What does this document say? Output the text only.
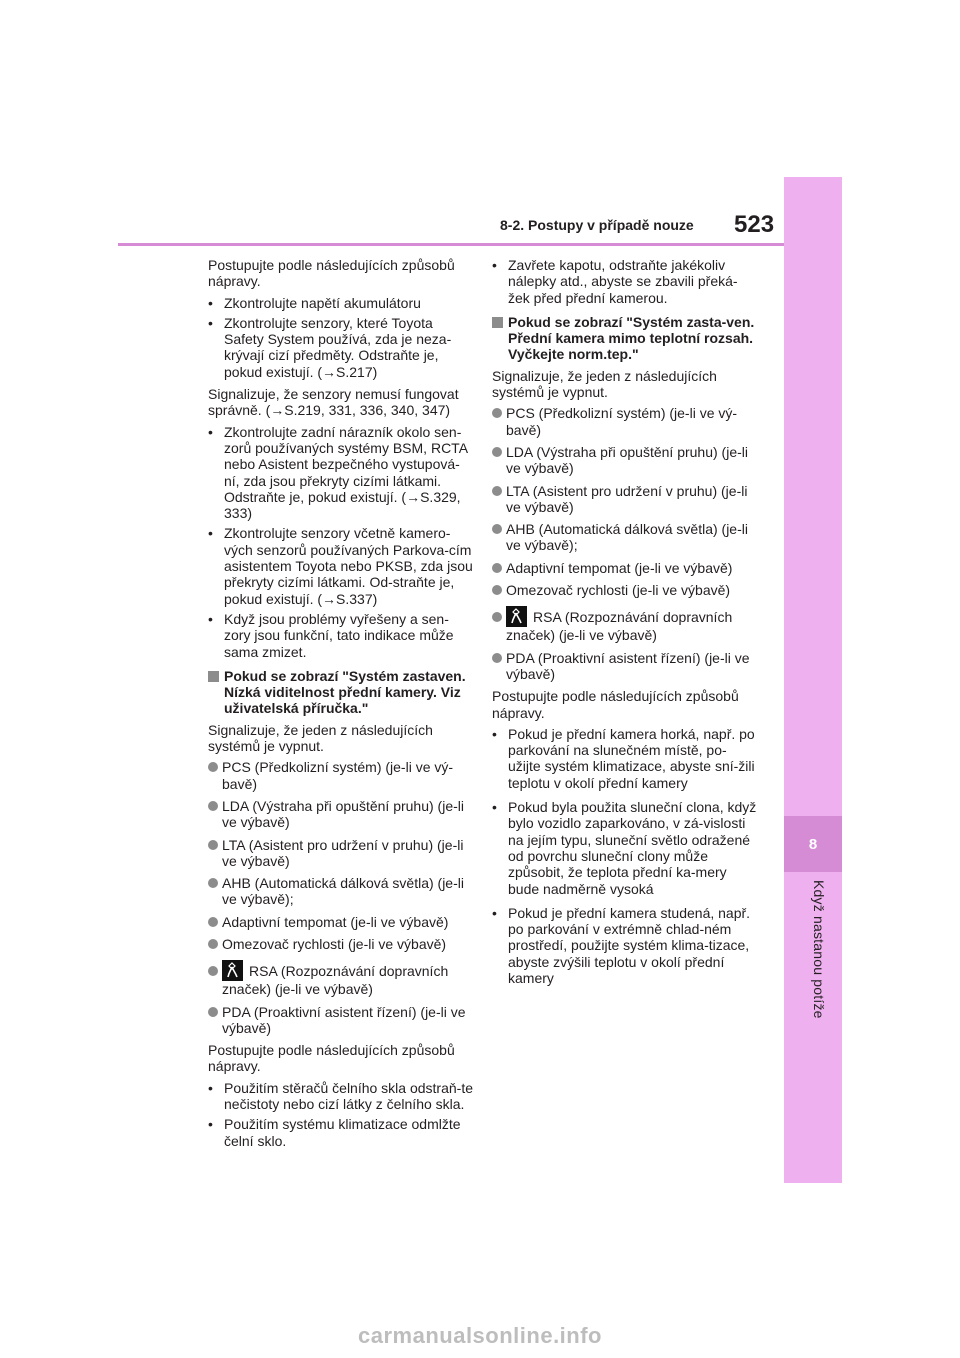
8
Když nastanou potíže
8-2. Postupy v případě nouze 523

Postupujte podle následujících způsobů nápravy.

• Zkontrolujte napětí akumulátoru
• Zkontrolujte senzory, které Toyota Safety System používá, zda je neza-krývají cizí předměty. Odstraňte je, pokud existují. (→S.217)

Signalizuje, že senzory nemusí fungovat správně. (→S.219, 331, 336, 340, 347)

• Zkontrolujte zadní nárazník okolo sen-zorů používaných systémy BSM, RCTA nebo Asistent bezpečného vystupová-ní, zda jsou překryty cizími látkami. Odstraňte je, pokud existují. (→S.329, 333)
• Zkontrolujte senzory včetně kamero-vých senzorů používaných Parkova-cím asistentem Toyota nebo PKSB, zda jsou překryty cizími látkami. Od-straňte je, pokud existují. (→S.337)
• Když jsou problémy vyřešeny a sen-zory jsou funkční, tato indikace může sama zmizet.
Pokud se zobrazí "Systém zastaven. Nízká viditelnost přední kamery. Viz uživatelská příručka."

Signalizuje, že jeden z následujících systémů je vypnut.

PCS (Předkolizní systém) (je-li ve vý-bavě)
LDA (Výstraha při opuštění pruhu) (je-li ve výbavě)
LTA (Asistent pro udržení v pruhu) (je-li ve výbavě)
AHB (Automatická dálková světla) (je-li ve výbavě);
Adaptivní tempomat (je-li ve výbavě)
Omezovač rychlosti (je-li ve výbavě)
RSA (Rozpoznávání dopravních značek) (je-li ve výbavě)
PDA (Proaktivní asistent řízení) (je-li ve výbavě)

Postupujte podle následujících způsobů nápravy.

• Použitím stěračů čelního skla odstraň-te nečistoty nebo cizí látky z čelního skla.
• Použitím systému klimatizace odmlžte čelní sklo.
• Zavřete kapotu, odstraňte jakékoliv nálepky atd., abyste se zbavili překá-žek před přední kamerou.
Pokud se zobrazí "Systém zasta-ven. Přední kamera mimo teplotní rozsah. Vyčkejte norm.tep."

Signalizuje, že jeden z následujících systémů je vypnut.

PCS (Předkolizní systém) (je-li ve vý-bavě)
LDA (Výstraha při opuštění pruhu) (je-li ve výbavě)
LTA (Asistent pro udržení v pruhu) (je-li ve výbavě)
AHB (Automatická dálková světla) (je-li ve výbavě);
Adaptivní tempomat (je-li ve výbavě)
Omezovač rychlosti (je-li ve výbavě)
RSA (Rozpoznávání dopravních značek) (je-li ve výbavě)
PDA (Proaktivní asistent řízení) (je-li ve výbavě)

Postupujte podle následujících způsobů nápravy.

• Pokud je přední kamera horká, např. po parkování na slunečném místě, po-užijte systém klimatizace, abyste sní-žili teplotu v okolí přední kamery
• Pokud byla použita sluneční clona, když bylo vozidlo zaparkováno, v zá-vislosti na jejím typu, sluneční světlo odražené od povrchu sluneční clony může způsobit, že teplota přední ka-mery bude nadměrně vysoká
• Pokud je přední kamera studená, např. po parkování v extrémně chlad-ném prostředí, použijte systém klima-tizace, abyste zvýšili teplotu v okolí přední kamery
carmanualsonline.info
